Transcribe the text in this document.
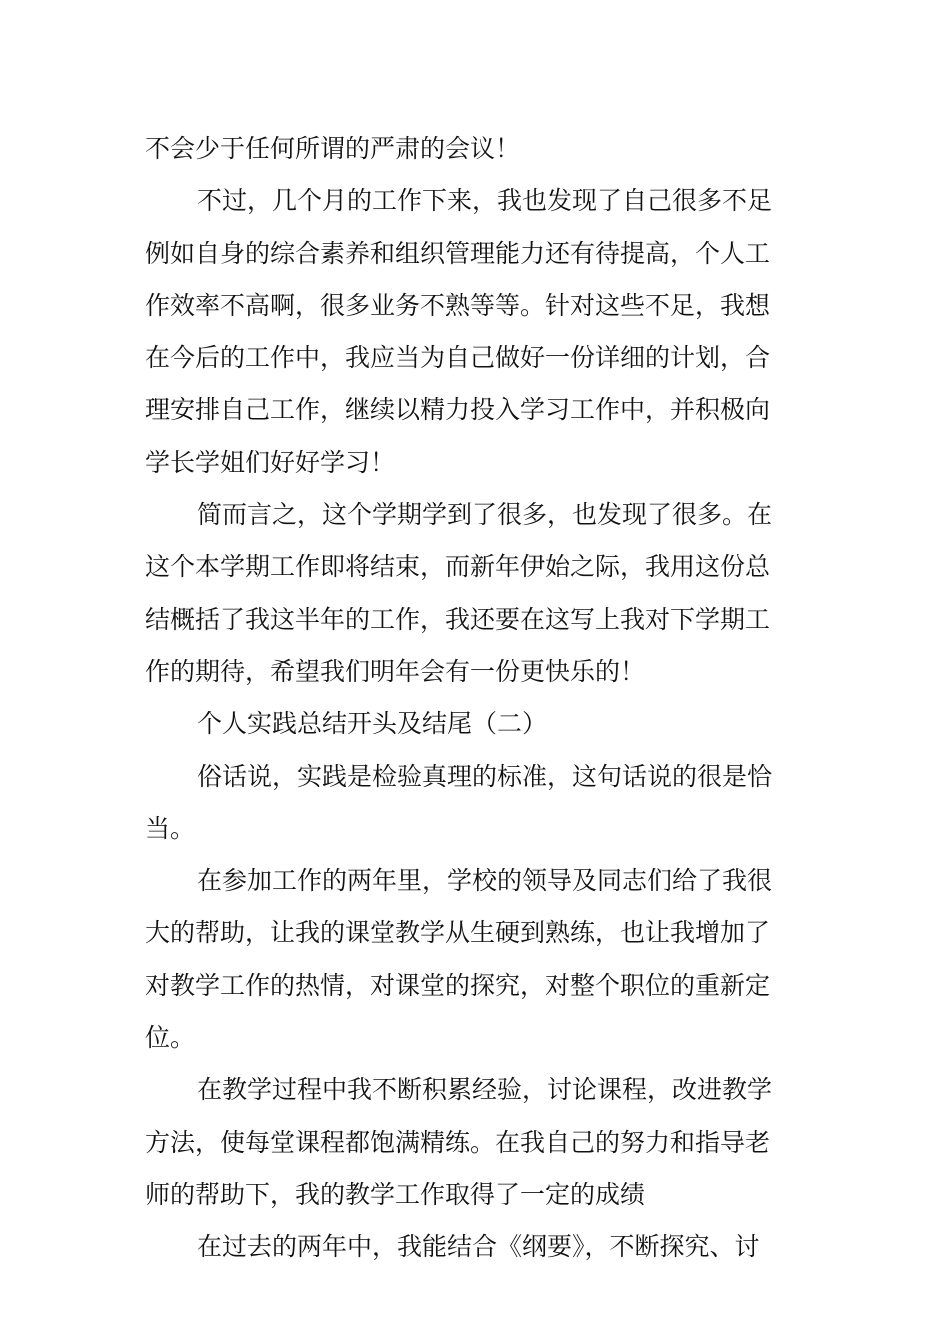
不会少于任何所谓的严肃的会议！
不过，几个月的工作下来，我也发现了自己很多不足
例如自身的综合素养和组织管理能力还有待提高，个人工
作效率不高啊，很多业务不熟等等。针对这些不足，我想
在今后的工作中，我应当为自己做好一份详细的计划，合
理安排自己工作，继续以精力投入学习工作中，并积极向
学长学姐们好好学习！
简而言之，这个学期学到了很多，也发现了很多。在
这个本学期工作即将结束，而新年伊始之际，我用这份总
结概括了我这半年的工作，我还要在这写上我对下学期工
作的期待，希望我们明年会有一份更快乐的！
个人实践总结开头及结尾（二）
俗话说，实践是检验真理的标准，这句话说的很是恰
当。
在参加工作的两年里，学校的领导及同志们给了我很
大的帮助，让我的课堂教学从生硬到熟练，也让我增加了
对教学工作的热情，对课堂的探究，对整个职位的重新定
位。
在教学过程中我不断积累经验，讨论课程，改进教学
方法，使每堂课程都饱满精练。在我自己的努力和指导老
师的帮助下，我的教学工作取得了一定的成绩
在过去的两年中，我能结合《纲要》，不断探究、讨
